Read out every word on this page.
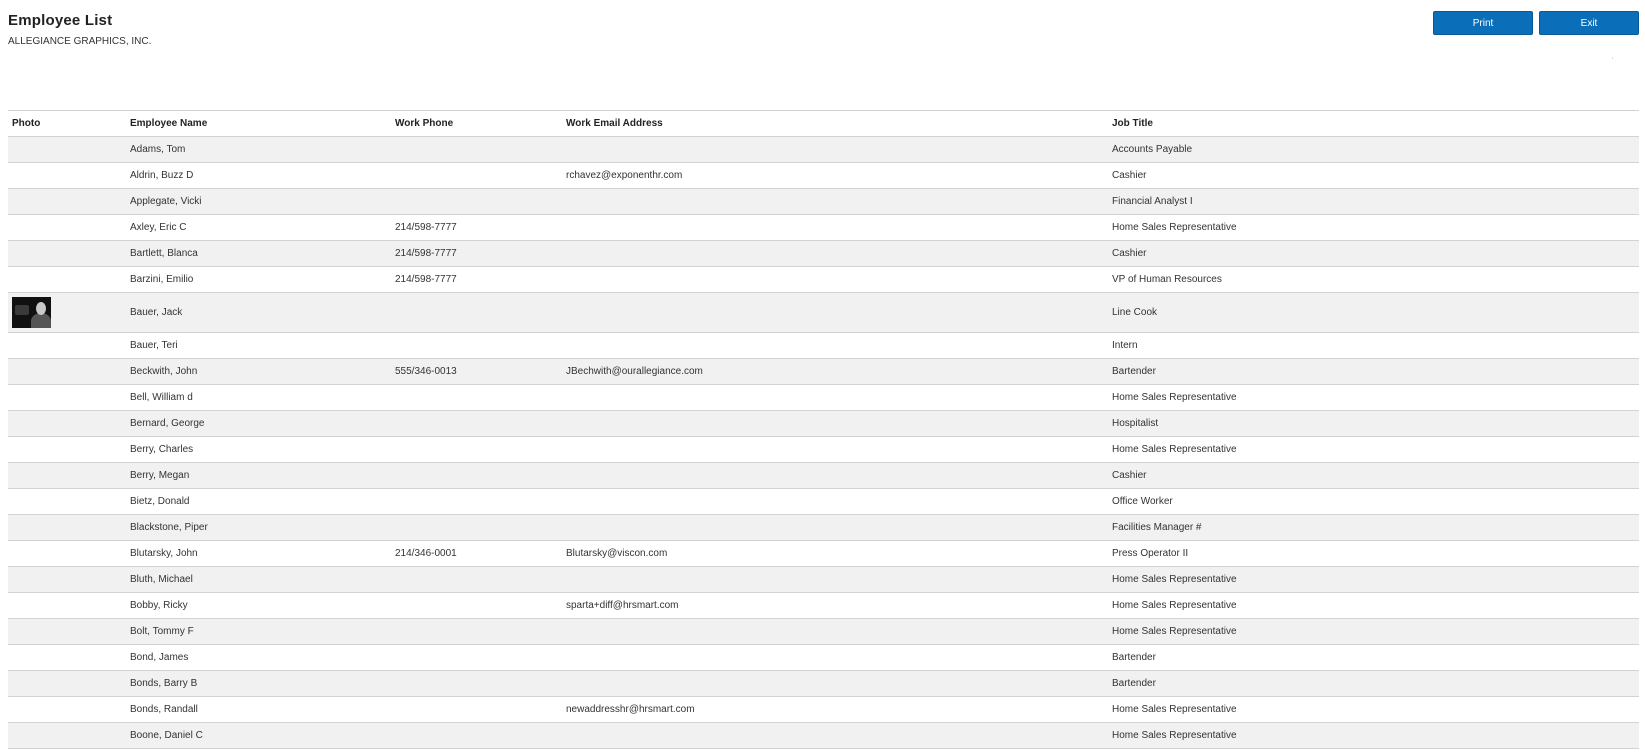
Employee List
ALLEGIANCE GRAPHICS, INC.
Print	Exit
'
Photo	Employee Name	Work Phone	Work Email Address	Job Title
	Adams, Tom			Accounts Payable
	Aldrin, Buzz D		rchavez@exponenthr.com	Cashier
	Applegate, Vicki			Financial Analyst I
	Axley, Eric C	214/598-7777		Home Sales Representative
	Bartlett, Blanca	214/598-7777		Cashier
	Barzini, Emilio	214/598-7777		VP of Human Resources

	Bauer, Jack			Line Cook
	Bauer, Teri			Intern
	Beckwith, John	555/346-0013	JBechwith@ourallegiance.com	Bartender
	Bell, William d			Home Sales Representative
	Bernard, George			Hospitalist
	Berry, Charles			Home Sales Representative
	Berry, Megan			Cashier
	Bietz, Donald			Office Worker
	Blackstone, Piper			Facilities Manager #
	Blutarsky, John	214/346-0001	Blutarsky@viscon.com	Press Operator II
	Bluth, Michael			Home Sales Representative
	Bobby, Ricky		sparta+diff@hrsmart.com	Home Sales Representative
	Bolt, Tommy F			Home Sales Representative
	Bond, James			Bartender
	Bonds, Barry B			Bartender
	Bonds, Randall		newaddresshr@hrsmart.com	Home Sales Representative
	Boone, Daniel C			Home Sales Representative
